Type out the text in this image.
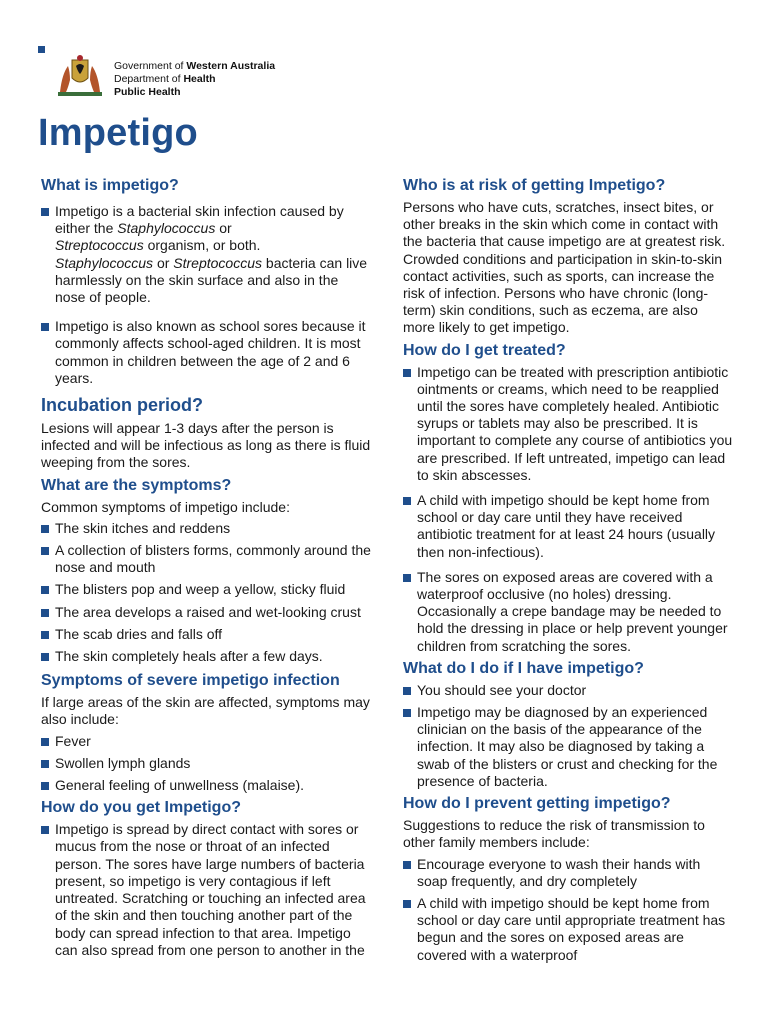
Government of Western Australia
Department of Health
Public Health
Impetigo
What is impetigo?
Impetigo is a bacterial skin infection caused by either the Staphylococcus or
Streptococcus organism, or both.
Staphylococcus or Streptococcus bacteria can live harmlessly on the skin surface and also in the nose of people.
Impetigo is also known as school sores because it commonly affects school-aged children. It is most common in children between the age of 2 and 6 years.
Incubation period?

Lesions will appear 1-3 days after the person is infected and will be infectious as long as there is fluid weeping from the sores.

What are the symptoms?

Common symptoms of impetigo include:

The skin itches and reddens
A collection of blisters forms, commonly around the nose and mouth
The blisters pop and weep a yellow, sticky fluid
The area develops a raised and wet-looking crust
The scab dries and falls off
The skin completely heals after a few days.
Symptoms of severe impetigo infection

If large areas of the skin are affected, symptoms may also include:

Fever
Swollen lymph glands
General feeling of unwellness (malaise).
How do you get Impetigo?
Impetigo is spread by direct contact with sores or mucus from the nose or throat of an infected person. The sores have large numbers of bacteria present, so impetigo is very contagious if left untreated. Scratching or touching an infected area of the skin and then touching another part of the body can spread infection to that area. Impetigo can also spread from one person to another in the
Who is at risk of getting Impetigo?

Persons who have cuts, scratches, insect bites, or other breaks in the skin which come in contact with the bacteria that cause impetigo are at greatest risk. Crowded conditions and participation in skin-to-skin contact activities, such as sports, can increase the risk of infection. Persons who have chronic (long-term) skin conditions, such as eczema, are also more likely to get impetigo.

How do I get treated?
Impetigo can be treated with prescription antibiotic ointments or creams, which need to be reapplied until the sores have completely healed. Antibiotic syrups or tablets may also be prescribed. It is important to complete any course of antibiotics you are prescribed. If left untreated, impetigo can lead to skin abscesses.
A child with impetigo should be kept home from school or day care until they have received antibiotic treatment for at least 24 hours (usually then non-infectious).
The sores on exposed areas are covered with a waterproof occlusive (no holes) dressing. Occasionally a crepe bandage may be needed to hold the dressing in place or help prevent younger children from scratching the sores.
What do I do if I have impetigo?
You should see your doctor
Impetigo may be diagnosed by an experienced clinician on the basis of the appearance of the infection. It may also be diagnosed by taking a swab of the blisters or crust and checking for the presence of bacteria.
How do I prevent getting impetigo?

Suggestions to reduce the risk of transmission to other family members include:

Encourage everyone to wash their hands with soap frequently, and dry completely
A child with impetigo should be kept home from school or day care until appropriate treatment has begun and the sores on exposed areas are covered with a waterproof
